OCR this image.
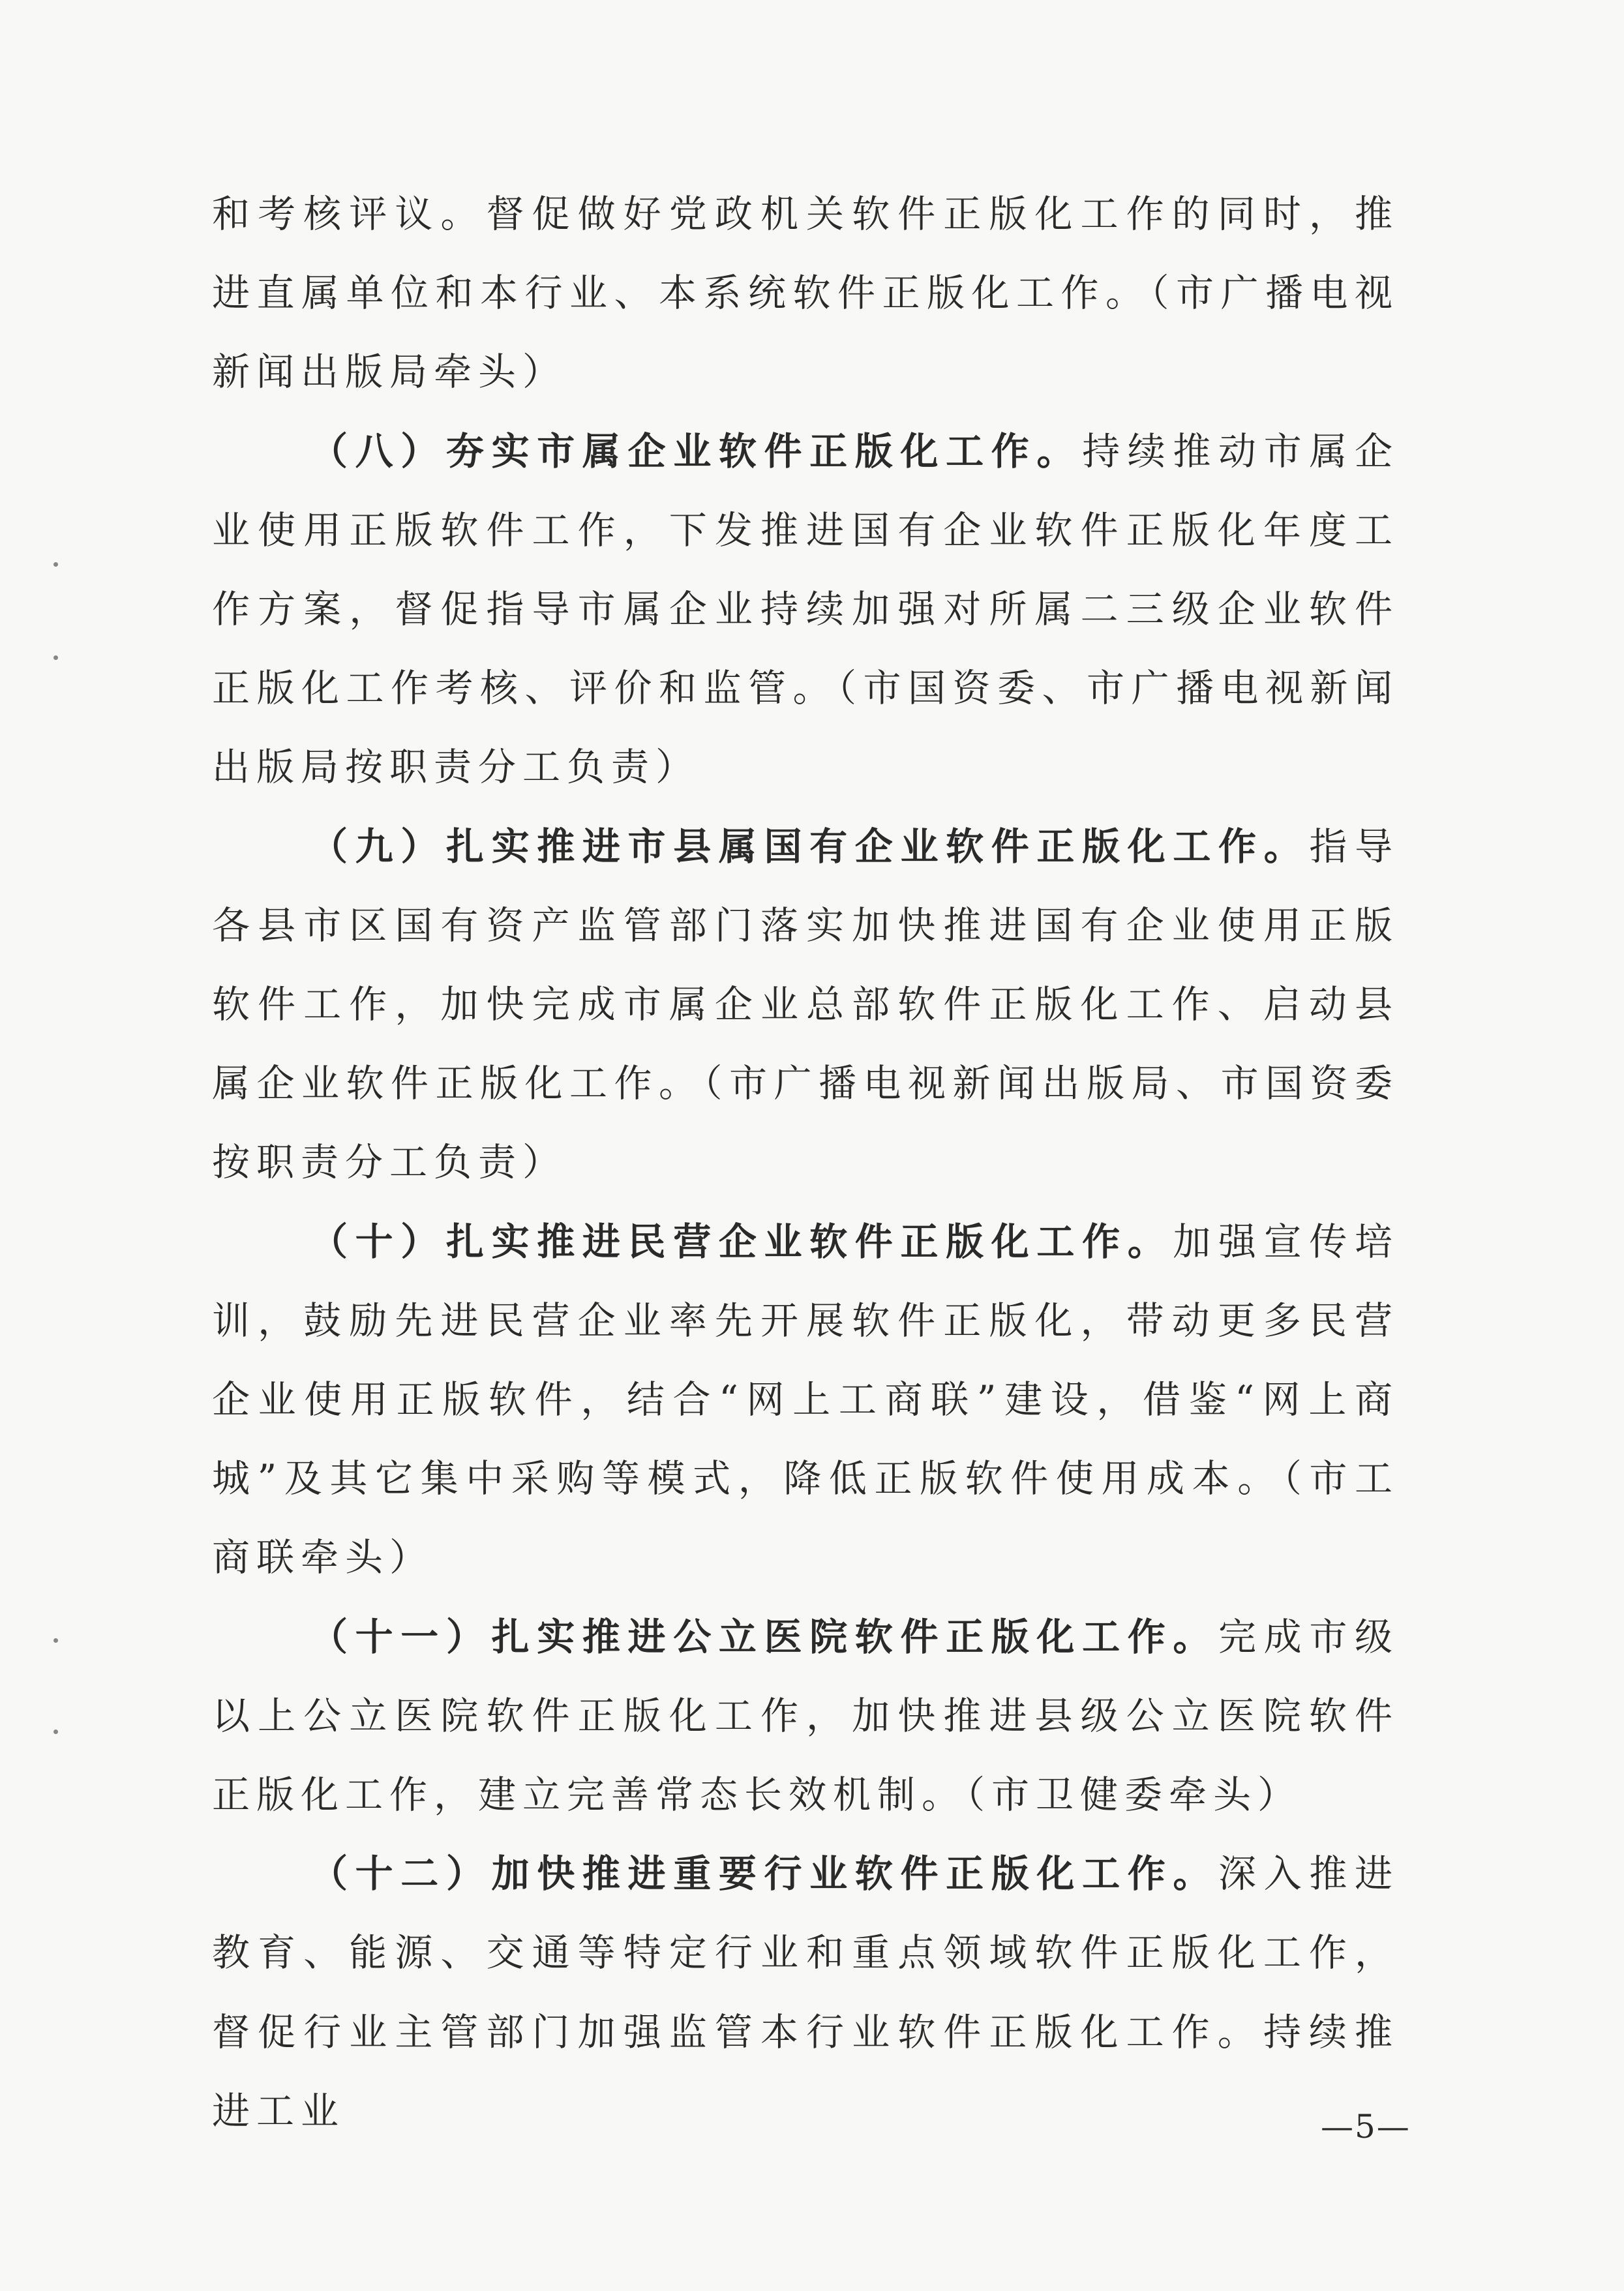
和考核评议。督促做好党政机关软件正版化工作的同时，推进直属单位和本行业、本系统软件正版化工作。（市广播电视新闻出版局牵头）

（八）夯实市属企业软件正版化工作。持续推动市属企业使用正版软件工作，下发推进国有企业软件正版化年度工作方案，督促指导市属企业持续加强对所属二三级企业软件正版化工作考核、评价和监管。（市国资委、市广播电视新闻出版局按职责分工负责）

（九）扎实推进市县属国有企业软件正版化工作。指导各县市区国有资产监管部门落实加快推进国有企业使用正版软件工作，加快完成市属企业总部软件正版化工作、启动县属企业软件正版化工作。（市广播电视新闻出版局、市国资委按职责分工负责）

（十）扎实推进民营企业软件正版化工作。加强宣传培训，鼓励先进民营企业率先开展软件正版化，带动更多民营企业使用正版软件，结合“网上工商联”建设，借鉴“网上商城”及其它集中采购等模式，降低正版软件使用成本。（市工商联牵头）

（十一）扎实推进公立医院软件正版化工作。完成市级以上公立医院软件正版化工作，加快推进县级公立医院软件正版化工作，建立完善常态长效机制。（市卫健委牵头）

（十二）加快推进重要行业软件正版化工作。深入推进教育、能源、交通等特定行业和重点领域软件正版化工作，督促行业主管部门加强监管本行业软件正版化工作。持续推进工业	—5—
